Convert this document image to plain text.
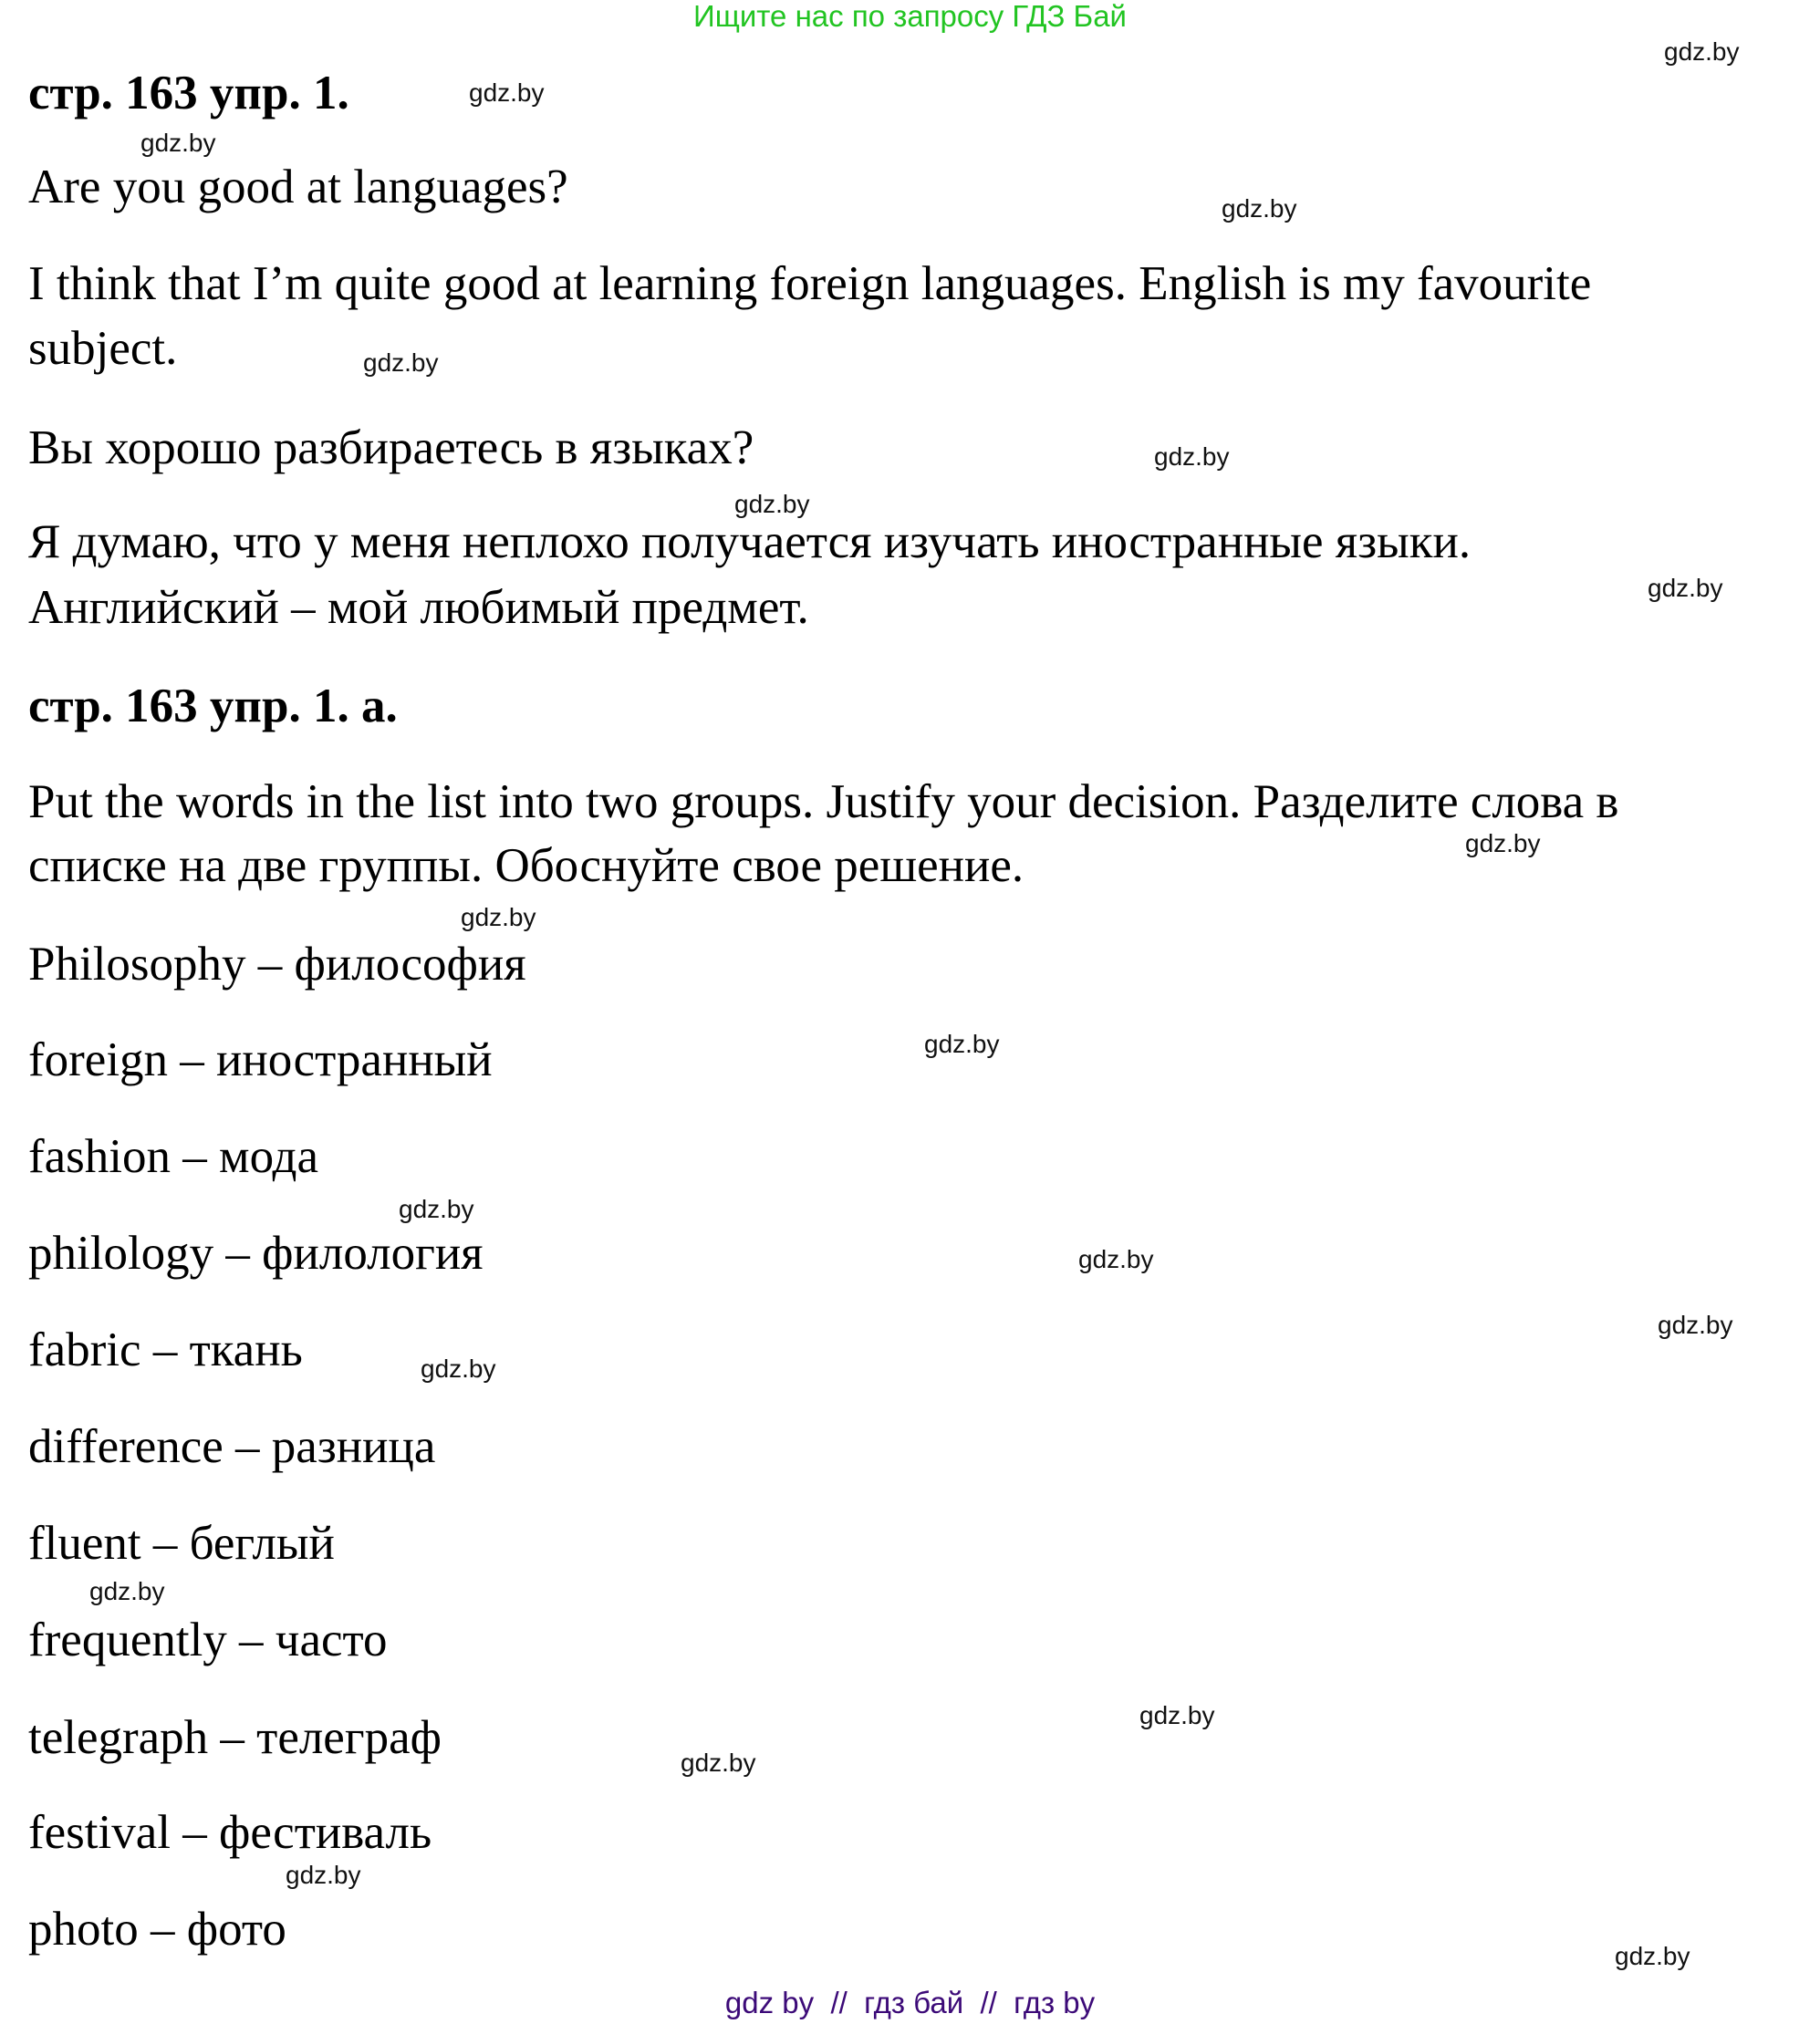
Ищите нас по запросу ГДЗ Бай
стр. 163 упр. 1.
Are you good at languages?
I think that I’m quite good at learning foreign languages. English is my favourite
subject.
Вы хорошо разбираетесь в языках?
Я думаю, что у меня неплохо получается изучать иностранные языки.
Английский – мой любимый предмет.
стр. 163 упр. 1. a.
Put the words in the list into two groups. Justify your decision. Разделите слова в
списке на две группы. Обоснуйте свое решение.
Philosophy – философия
foreign – иностранный
fashion – мода
philology – филология
fabric – ткань
difference – разница
fluent – беглый
frequently – часто
telegraph – телеграф
festival – фестиваль
photo – фото
gdz.by
gdz.by
gdz.by
gdz.by
gdz.by
gdz.by
gdz.by
gdz.by
gdz.by
gdz.by
gdz.by
gdz.by
gdz.by
gdz.by
gdz.by
gdz.by
gdz.by
gdz.by
gdz.by
gdz.by
gdz by  //  гдз бай  //  гдз by
